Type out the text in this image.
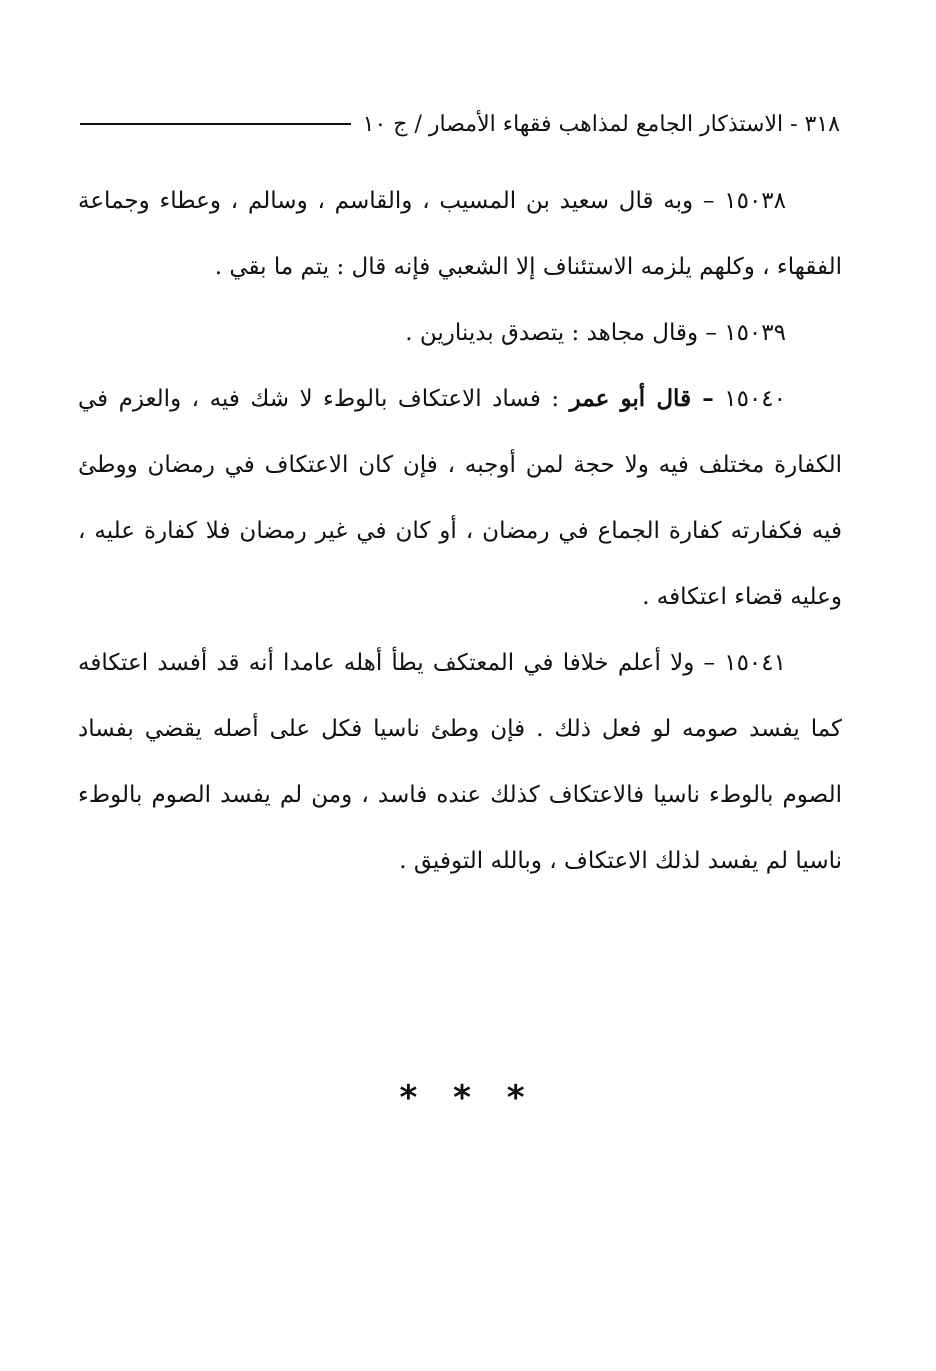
٣١٨ - الاستذكار الجامع لمذاهب فقهاء الأمصار / ج ١٠

١٥٠٣٨ – وبه قال سعيد بن المسيب ، والقاسم ، وسالم ، وعطاء وجماعة الفقهاء ، وكلهم يلزمه الاستئناف إلا الشعبي فإنه قال : يتم ما بقي .

١٥٠٣٩ – وقال مجاهد : يتصدق بدينارين .

١٥٠٤٠ – قال أبو عمر : فساد الاعتكاف بالوطء لا شك فيه ، والعزم في الكفارة مختلف فيه ولا حجة لمن أوجبه ، فإن كان الاعتكاف في رمضان ووطئ فيه فكفارته كفارة الجماع في رمضان ، أو كان في غير رمضان فلا كفارة عليه ، وعليه قضاء اعتكافه .

١٥٠٤١ – ولا أعلم خلافا في المعتكف يطأ أهله عامدا أنه قد أفسد اعتكافه كما يفسد صومه لو فعل ذلك . فإن وطئ ناسيا فكل على أصله يقضي بفساد الصوم بالوطء ناسيا فالاعتكاف كذلك عنده فاسد ، ومن لم يفسد الصوم بالوطء ناسيا لم يفسد لذلك الاعتكاف ، وبالله التوفيق .

* * *
